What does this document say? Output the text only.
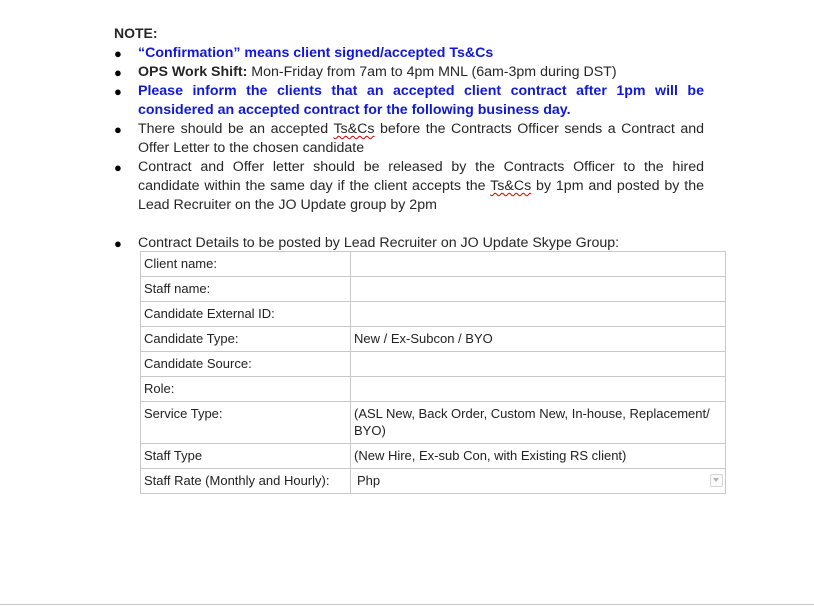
NOTE:
● “Confirmation” means client signed/accepted Ts&Cs
● OPS Work Shift: Mon-Friday from 7am to 4pm MNL (6am-3pm during DST)
● Please inform the clients that an accepted client contract after 1pm will be considered an accepted contract for the following business day.
● There should be an accepted Ts&Cs before the Contracts Officer sends a Contract and Offer Letter to the chosen candidate
● Contract and Offer letter should be released by the Contracts Officer to the hired candidate within the same day if the client accepts the Ts&Cs by 1pm and posted by the Lead Recruiter on the JO Update group by 2pm
● Contract Details to be posted by Lead Recruiter on JO Update Skype Group:
Client name:	
Staff name:	
Candidate External ID:	
Candidate Type:	New / Ex-Subcon / BYO
Candidate Source:	
Role:	
Service Type:	(ASL New, Back Order, Custom New, In-house, Replacement/ BYO)
Staff Type	(New Hire, Ex-sub Con, with Existing RS client)
Staff Rate (Monthly and Hourly):	Php
